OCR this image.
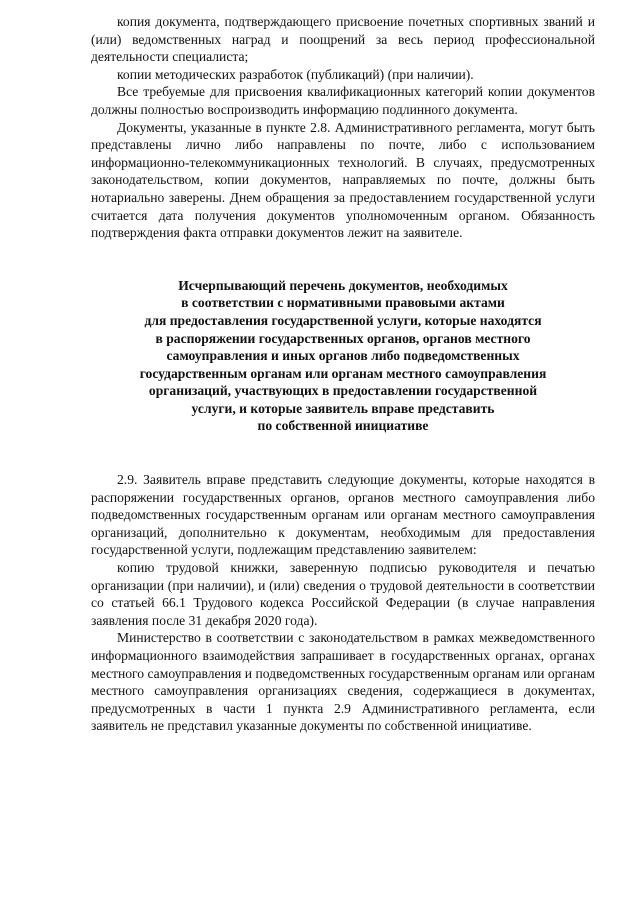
копия документа, подтверждающего присвоение почетных спортивных званий и (или) ведомственных наград и поощрений за весь период профессиональной деятельности специалиста;

копии методических разработок (публикаций) (при наличии).

Все требуемые для присвоения квалификационных категорий копии документов должны полностью воспроизводить информацию подлинного документа.

Документы, указанные в пункте 2.8. Административного регламента, могут быть представлены лично либо направлены по почте, либо с использованием информационно-телекоммуникационных технологий. В случаях, предусмотренных законодательством, копии документов, направляемых по почте, должны быть нотариально заверены. Днем обращения за предоставлением государственной услуги считается дата получения документов уполномоченным органом. Обязанность подтверждения факта отправки документов лежит на заявителе.

Исчерпывающий перечень документов, необходимых

в соответствии с нормативными правовыми актами

для предоставления государственной услуги, которые находятся

в распоряжении государственных органов, органов местного

самоуправления и иных органов либо подведомственных

государственным органам или органам местного самоуправления

организаций, участвующих в предоставлении государственной

услуги, и которые заявитель вправе представить

по собственной инициативе

2.9. Заявитель вправе представить следующие документы, которые находятся в распоряжении государственных органов, органов местного самоуправления либо подведомственных государственным органам или органам местного самоуправления организаций, дополнительно к документам, необходимым для предоставления государственной услуги, подлежащим представлению заявителем:

копию трудовой книжки, заверенную подписью руководителя и печатью организации (при наличии), и (или) сведения о трудовой деятельности в соответствии со статьей 66.1 Трудового кодекса Российской Федерации (в случае направления заявления после 31 декабря 2020 года).

Министерство в соответствии с законодательством в рамках межведомственного информационного взаимодействия запрашивает в государственных органах, органах местного самоуправления и подведомственных государственным органам или органам местного самоуправления организациях сведения, содержащиеся в документах, предусмотренных в части 1 пункта 2.9 Административного регламента, если заявитель не представил указанные документы по собственной инициативе.
